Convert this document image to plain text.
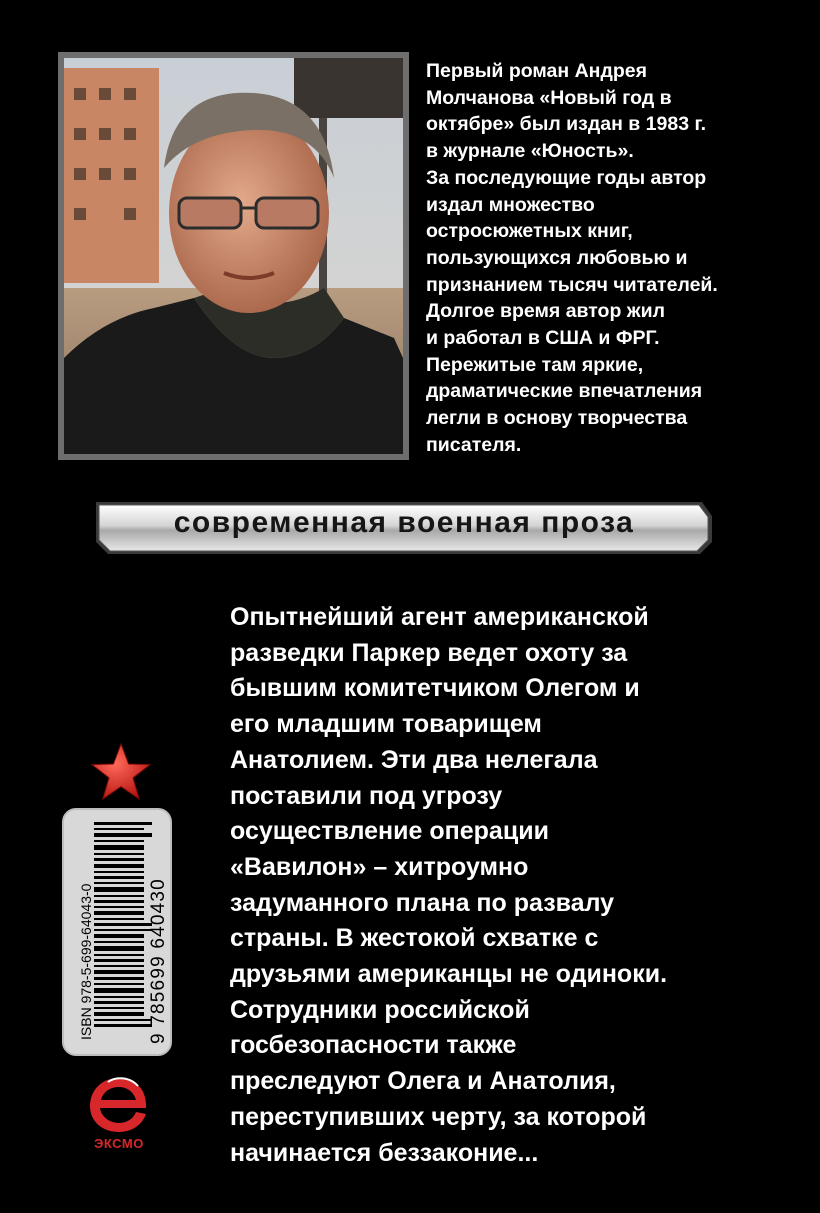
Первый роман Андрея
Молчанова «Новый год в
октябре» был издан в 1983 г.
в журнале «Юность».
За последующие годы автор
издал множество
остросюжетных книг,
пользующихся любовью и
признанием тысяч читателей.
Долгое время автор жил
и работал в США и ФРГ.
Пережитые там яркие,
драматические впечатления
легли в основу творчества
писателя.
современная военная проза
Опытнейший агент американской
разведки Паркер ведет охоту за
бывшим комитетчиком Олегом и
его младшим товарищем
Анатолием. Эти два нелегала
поставили под угрозу
осуществление операции
«Вавилон» – хитроумно
задуманного плана по развалу
страны. В жестокой схватке с
друзьями американцы не одиноки.
Сотрудники российской
госбезопасности также
преследуют Олега и Анатолия,
переступивших черту, за которой
начинается беззаконие...
ISBN 978-5-699-64043-0	9 785699 640430
ЭКСМО
